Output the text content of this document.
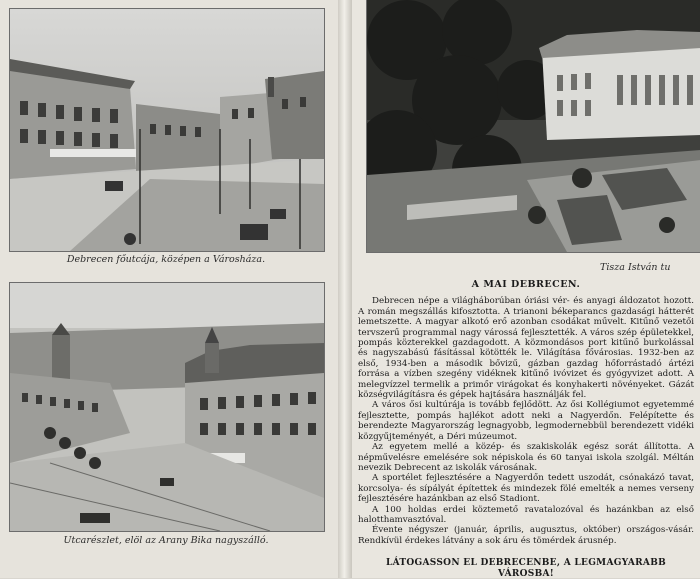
Debrecen főutcája, középen a Városháza.
Utcarészlet, elöl az Arany Bika nagyszálló.
Tisza István tu
A MAI DEBRECEN.

Debrecen népe a világháborúban óriási vér- és anyagi áldozatot hozott. A román megszállás kifosztotta. A trianoni békeparancs gazdasági hátterét lemetszette. A magyar alkotó erő azonban csodákat művelt. Kitűnő vezetői tervszerű programmal nagy várossá fejlesztették. A város szép épületekkel, pompás közterekkel gazdagodott. A közmondásos port kitűnő burkolással és nagyszabású fásítással kötötték le. Világítása fővárosias. 1932-ben az első, 1934-ben a második bővizű, gázban gazdag hőforrástadó ártézi forrása a vízben szegény vidéknek kitűnő ivóvizet és gyógyvizet adott. A melegvízzel termelik a primőr virágokat és konyhakerti növényeket. Gázát községvilágításra és gépek hajtására használják fel.

A város ősi kultúrája is tovább fejlődött. Az ősi Kollégiumot egyetemmé fejlesztette, pompás hajlékot adott neki a Nagyerdőn. Felépítette és berendezte Magyarország legnagyobb, legmodernebbül berendezett vidéki közgyűjteményét, a Déri múzeumot.

Az egyetem mellé a közép- és szakiskolák egész sorát állította. A népművelésre emelésére sok népiskola és 60 tanyai iskola szolgál. Méltán nevezik Debrecent az iskolák városának.

A sportélet fejlesztésére a Nagyerdőn tedett uszodát, csónakázó tavat, korcsolya- és sípályát építettek és mindezek fölé emelték a nemes verseny fejlesztésére hazánkban az első Stadiont.

A 100 holdas erdei köztemető ravatalozóval és hazánkban az első halotthamvasztóval.

Évente négyszer (január, április, augusztus, október) országos-vásár. Rendkívül érdekes látvány a sok áru és tömérdek árusnép.

LÁTOGASSON EL DEBRECENBE, A LEGMAGYARABB VÁROSBA!
